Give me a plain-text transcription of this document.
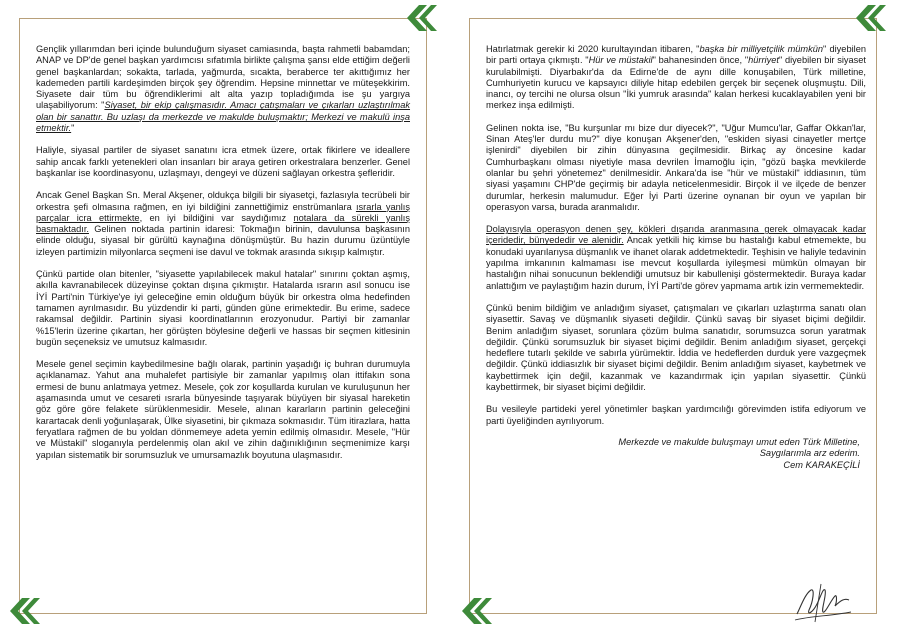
Gençlik yıllarımdan beri içinde bulunduğum siyaset camiasında, başta rahmetli babamdan; ANAP ve DP'de genel başkan yardımcısı sıfatımla birlikte çalışma şansı elde ettiğim değerli genel başkanlardan; sokakta, tarlada, yağmurda, sıcakta, beraberce ter akıttığımız her kademeden partili kardeşimden birçok şey öğrendim. Hepsine minnettar ve müteşekkirim. Siyasete dair tüm bu öğrendiklerimi alt alta yazıp topladığımda ise şu yargıya ulaşabiliyorum: "Siyaset, bir ekip çalışmasıdır. Amacı çatışmaları ve çıkarları uzlaştırılmak olan bir sanattır. Bu uzlaşı da merkezde ve makulde buluşmaktır; Merkezi ve makulü inşa etmektir."

Haliyle, siyasal partiler de siyaset sanatını icra etmek üzere, ortak fikirlere ve ideallere sahip ancak farklı yetenekleri olan insanları bir araya getiren orkestralara benzerler. Genel başkanlar ise koordinasyonu, uzlaşmayı, dengeyi ve düzeni sağlayan orkestra şefleridir.

Ancak Genel Başkan Sn. Meral Akşener, oldukça bilgili bir siyasetçi, fazlasıyla tecrübeli bir orkestra şefi olmasına rağmen, en iyi bildiğini zannettiğimiz enstrümanlara ısrarla yanlış parçalar icra ettirmekte, en iyi bildiğini var saydığımız notalara da sürekli yanlış basmaktadır. Gelinen noktada partinin idaresi: Tokmağın birinin, davulunsa başkasının elinde olduğu, siyasal bir gürültü kaynağına dönüşmüştür. Bu hazin durumu üzüntüyle izleyen partimizin milyonlarca seçmeni ise davul ve tokmak arasında sıkışıp kalmıştır.

Çünkü partide olan bitenler, "siyasette yapılabilecek makul hatalar" sınırını çoktan aşmış, akılla kavranabilecek düzeyinse çoktan dışına çıkmıştır. Hatalarda ısrarın asıl sonucu ise İYİ Parti'nin Türkiye'ye iyi geleceğine emin olduğum büyük bir orkestra olma hedefinden tamamen ayrılmasıdır. Bu yüzdendir ki parti, günden güne erimektedir. Bu erime, sadece rakamsal değildir. Partinin siyasi koordinatlarının erozyonudur. Partiyi bir zamanlar %15'lerin üzerine çıkartan, her görüşten böylesine değerli ve hassas bir seçmen kitlesinin bugün seçeneksiz ve umutsuz kalmasıdır.

Mesele genel seçimin kaybedilmesine bağlı olarak, partinin yaşadığı iç buhran durumuyla açıklanamaz. Yahut ana muhalefet partisiyle bir zamanlar yapılmış olan ittifakın sona ermesi de bunu anlatmaya yetmez. Mesele, çok zor koşullarda kurulan ve kuruluşunun her aşamasında umut ve cesareti ısrarla bünyesinde taşıyarak büyüyen bir siyasal hareketin göz göre göre felakete sürüklenmesidir. Mesele, alınan kararların partinin geleceğini karartacak denli yoğunlaşarak, Ülke siyasetini, bir çıkmaza sokmasıdır. Tüm itirazlara, hatta feryatlara rağmen de bu yoldan dönmemeye adeta yemin edilmiş olmasıdır. Mesele, "Hür ve Müstakil" sloganıyla perdelenmiş olan akıl ve zihin dağınıklığının seçmenimize karşı yapılan sistematik bir sorumsuzluk ve umursamazlık boyutuna ulaşmasıdır.

Hatırlatmak gerekir ki 2020 kurultayından itibaren, "başka bir milliyetçilik mümkün" diyebilen bir parti ortaya çıkmıştı. "Hür ve müstakil" bahanesinden önce, "hürriyet" diyebilen bir siyaset kurulabilmişti. Diyarbakır'da da Edirne'de de aynı dille konuşabilen, Türk milletine, Cumhuriyetin kurucu ve kapsayıcı diliyle hitap edebilen gerçek bir seçenek oluşmuştu. Dili, inancı, oy tercihi ne olursa olsun "İki yumruk arasında" kalan herkesi kucaklayabilen yeni bir merkez inşa edilmişti.

Gelinen nokta ise, "Bu kurşunlar mı bize dur diyecek?", "Uğur Mumcu'lar, Gaffar Okkan'lar, Sinan Ateş'ler durdu mu?" diye konuşan Akşener'den, "eskiden siyasi cinayetler mertçe işlenirdi" diyebilen bir zihin dünyasına geçilmesidir. Birkaç ay öncesine kadar Cumhurbaşkanı olması niyetiyle masa devrilen İmamoğlu için, "gözü başka mevkilerde olanlar bu şehri yönetemez" denilmesidir. Ankara'da ise "hür ve müstakil" iddiasının, tüm siyasi yaşamını CHP'de geçirmiş bir adayla neticelenmesidir. Birçok il ve ilçede de benzer durumlar, herkesin malumudur. Eğer İyi Parti üzerine oynanan bir oyun ve yapılan bir operasyon varsa, burada aranmalıdır.

Dolayısıyla operasyon denen şey, kökleri dışarıda aranmasına gerek olmayacak kadar içeridedir, bünyededir ve alenidir. Ancak yetkili hiç kimse bu hastalığı kabul etmemekte, bu konudaki uyarılarıysa düşmanlık ve ihanet olarak addetmektedir. Teşhisin ve haliyle tedavinin yapılma imkanının kalmaması ise mevcut koşullarda iyileşmesi mümkün olmayan bir hastalığın nihai sonucunun beklendiği umutsuz bir kabullenişi göstermektedir. Buraya kadar anlattığım ve paylaştığım hazin durum, İYİ Parti'de görev yapmama artık izin vermemektedir.

Çünkü benim bildiğim ve anladığım siyaset, çatışmaları ve çıkarları uzlaştırma sanatı olan siyasettir. Savaş ve düşmanlık siyaseti değildir. Çünkü savaş bir siyaset biçimi değildir. Benim anladığım siyaset, sorunlara çözüm bulma sanatıdır, sorumsuzca sorun yaratmak değildir. Çünkü sorumsuzluk bir siyaset biçimi değildir. Benim anladığım siyaset, gerçekçi hedeflere tutarlı şekilde ve sabırla yürümektir. İddia ve hedeflerden durduk yere vazgeçmek değildir. Çünkü iddiasızlık bir siyaset biçimi değildir. Benim anladığım siyaset, kaybetmek ve kaybettirmek için değil, kazanmak ve kazandırmak için yapılan siyasettir. Çünkü kaybettirmek, bir siyaset biçimi değildir.

Bu vesileyle partideki yerel yönetimler başkan yardımcılığı görevimden istifa ediyorum ve parti üyeliğinden ayrılıyorum.

Merkezde ve makulde buluşmayı umut eden Türk Milletine,
Saygılarımla arz ederim.
Cem KARAKEÇİLİ
